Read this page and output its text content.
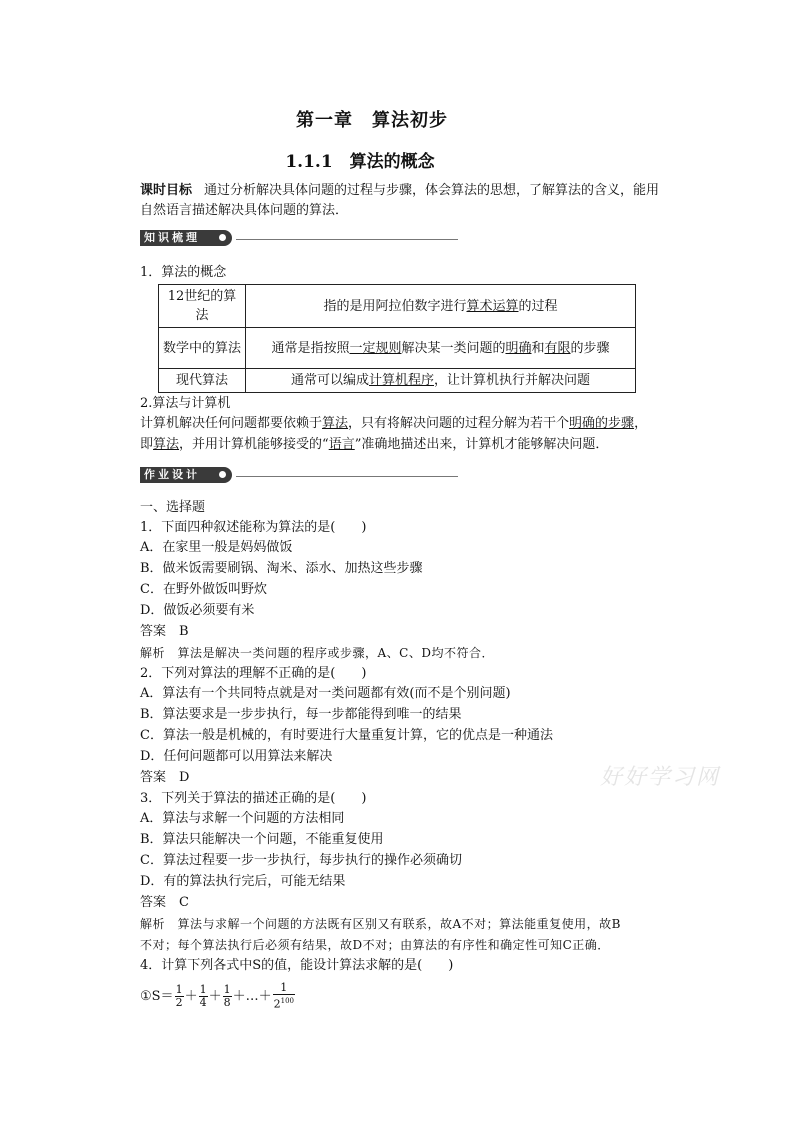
第一章　算法初步
1.1.1　算法的概念
课时目标 通过分析解决具体问题的过程与步骤，体会算法的思想，了解算法的含义，能用自然语言描述解决具体问题的算法．
知识梳理
1．算法的概念
12世纪的算法	指的是用阿拉伯数字进行算术运算的过程
数学中的算法	通常是指按照一定规则解决某一类问题的明确和有限的步骤
现代算法	通常可以编成计算机程序，让计算机执行并解决问题
2.算法与计算机
计算机解决任何问题都要依赖于算法，只有将解决问题的过程分解为若干个明确的步骤，
即算法，并用计算机能够接受的“语言”准确地描述出来，计算机才能够解决问题．
作业设计
一、选择题
1．下面四种叙述能称为算法的是(　　)
A．在家里一般是妈妈做饭
B．做米饭需要刷锅、淘米、添水、加热这些步骤
C．在野外做饭叫野炊
D．做饭必须要有米
答案　B
解析　算法是解决一类问题的程序或步骤，A、C、D均不符合．
2．下列对算法的理解不正确的是(　　)
A．算法有一个共同特点就是对一类问题都有效(而不是个别问题)
B．算法要求是一步步执行，每一步都能得到唯一的结果
C．算法一般是机械的，有时要进行大量重复计算，它的优点是一种通法
D．任何问题都可以用算法来解决
答案　D
3．下列关于算法的描述正确的是(　　)
A．算法与求解一个问题的方法相同
B．算法只能解决一个问题，不能重复使用
C．算法过程要一步一步执行，每步执行的操作必须确切
D．有的算法执行完后，可能无结果
答案　C
解析　算法与求解一个问题的方法既有区别又有联系，故A不对；算法能重复使用，故B
不对；每个算法执行后必须有结果，故D不对；由算法的有序性和确定性可知C正确．
4．计算下列各式中S的值，能设计算法求解的是(　　)
①S＝ $\frac{1}{2} + \frac{1}{4} + \frac{1}{8}$ ＋…＋ $\frac{1}{2^{100}}$
好好学习网
